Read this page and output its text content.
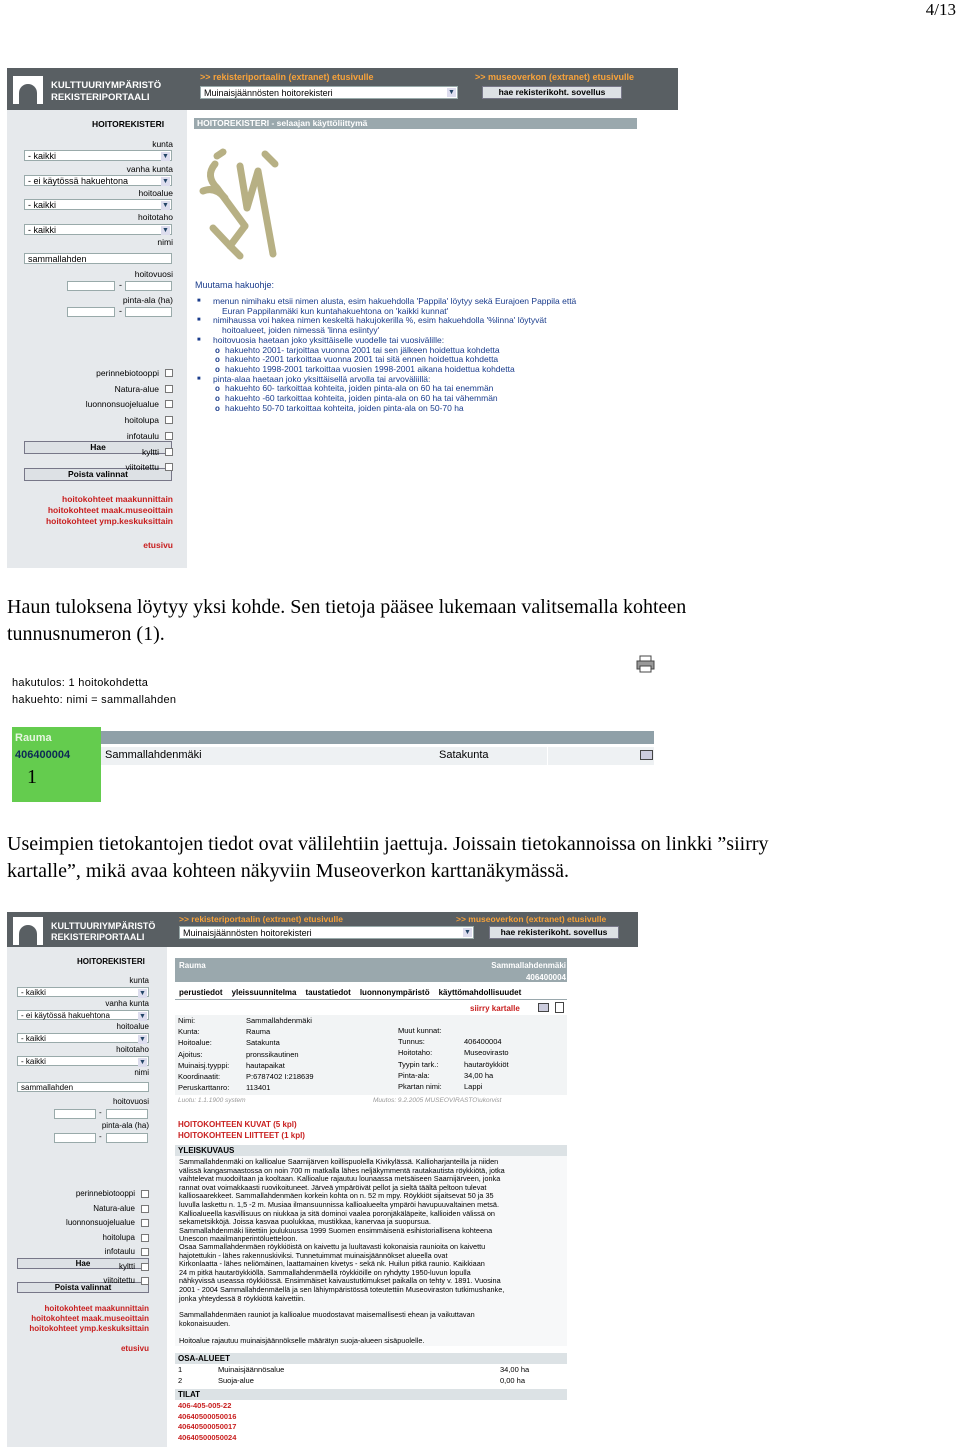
4/13
KULTTUURIYMPÄRISTÖ
REKISTERIPORTAALI
>> rekisteriportaalin (extranet) etusivulle	>> museoverkon (extranet) etusivulle
Muinaisjäännösten hoitorekisteri	▼	hae rekisterikoht. sovellus
HOITOREKISTERI
kunta
- kaikki	▼
vanha kunta
- ei käytössä hakuehtona	▼
hoitoalue
- kaikki	▼
hoitotaho
- kaikki	▼
nimi
sammallahden
hoitovuosi
-
pinta-ala (ha)
-
Hae
Poista valinnat
hoitokohteet maakunnittain
hoitokohteet maak.museoittain
hoitokohteet ymp.keskuksittain
etusivu
perinnebiotooppi
Natura-alue
luonnonsuojelualue
hoitolupa
infotaulu
kyltti
viitoitettu
HOITOREKISTERI - selaajan käyttöliittymä
Muutama hakuohje:
■ menun nimihaku etsii nimen alusta, esim hakuehdolla 'Pappila' löytyy sekä Eurajoen Pappila että
Euran Pappilanmäki kun kuntahakuehtona on 'kaikki kunnat'
■ nimihaussa voi hakea nimen keskeltä hakujokerilla %, esim hakuehdolla '%linna' löytyvät
hoitoalueet, joiden nimessä 'linna esiintyy'
■ hoitovuosia haetaan joko yksittäiselle vuodelle tai vuosivälille:
o hakuehto 2001- tarjoittaa vuonna 2001 tai sen jälkeen hoidettua kohdetta
o hakuehto -2001 tarkoittaa vuonna 2001 tai sitä ennen hoidettua kohdetta
o hakuehto 1998-2001 tarkoittaa vuosien 1998-2001 aikana hoidettua kohdetta
■ pinta-alaa haetaan joko yksittäisellä arvolla tai arvoväliillä:
o hakuehto 60- tarkoittaa kohteita, joiden pinta-ala on 60 ha tai enemmän
o hakuehto -60 tarkoittaa kohteita, joiden pinta-ala on 60 ha tai vähemmän
o hakuehto 50-70 tarkoittaa kohteita, joiden pinta-ala on 50-70 ha

Haun tuloksena löytyy yksi kohde. Sen tietoja pääsee lukemaan valitsemalla kohteen

tunnusnumeron (1).

hakutulos: 1 hoitokohdetta
hakuehto: nimi = sammallahden
Rauma
406400004	Sammallahdenmäki	Satakunta
1

Useimpien tietokantojen tiedot ovat välilehtiin jaettuja. Joissain tietokannoissa on linkki ”siirry

kartalle”, mikä avaa kohteen näkyviin Museoverkon karttanäkymässä.

KULTTUURIYMPÄRISTÖ
REKISTERIPORTAALI
>> rekisteriportaalin (extranet) etusivulle	>> museoverkon (extranet) etusivulle
Muinaisjäännösten hoitorekisteri	▼	hae rekisterikoht. sovellus
HOITOREKISTERI
kunta
- kaikki	▼
vanha kunta
- ei käytössä hakuehtona	▼
hoitoalue
- kaikki	▼
hoitotaho
- kaikki	▼
nimi
sammallahden
hoitovuosi
-
pinta-ala (ha)
-
Hae
Poista valinnat
hoitokohteet maakunnittain
hoitokohteet maak.museoittain
hoitokohteet ymp.keskuksittain
etusivu
perinnebiotooppi
Natura-alue
luonnonsuojelualue
hoitolupa
infotaulu
kyltti
viitoitettu
Rauma	Sammallahdenmäki
406400004
perustiedot yleissuunnitelma taustatiedot luonnonympäristö käyttömahdollisuudet
siirry kartalle
Nimi:	Sammallahdenmäki
Kunta:	Rauma
Hoitoalue:	Satakunta
Ajoitus:	pronssikautinen
Muinaisj.tyyppi: hautapaikat
Koordinaatit:	P:6787402 I:218639
Peruskarttanro: 113401
Muut kunnat:
Tunnus:	406400004
Hoitotaho:	Museovirasto
Tyypin tark.:	hautaröykkiöt
Pinta-ala:	34,00 ha
Pkartan nimi:	Lappi
Luotu: 1.1.1900 system	Muutos: 9.2.2005 MUSEOVIRASTO\ukorvist
HOITOKOHTEEN KUVAT (5 kpl)
HOITOKOHTEEN LIITTEET (1 kpl)
YLEISKUVAUS
Sammallahdenmäki on kallioalue Saarnijärven koillispuolella Kivikylässä. Kallioharjanteilla ja niiden
välissä kangasmaastossa on noin 700 m matkalla lähes neljäkymmentä rautakautista röykkiötä, jotka
vaihtelevat muodoiltaan ja kooltaan. Kallioalue rajautuu lounaassa metsäiseen Saarnijärveen, jonka
rannat ovat voimakkaasti ruovikoituneet. Järveä ympäröivät pellot ja sieltä täältä peltoon tulevat
kalliosaarekkeet. Sammallahdenmäen korkein kohta on n. 52 m mpy. Röykkiöt sijaitsevat 50 ja 35
luvulla laskettu n. 1,5 -2 m. Musiaa ilmansuunnissa kallioalueelta ympäröi havupuuvaltainen metsä.
Kallioalueella kasvillisuus on niukkaa ja sitä dominoi vaalea poronjäkäläpeite, kallioiden välissä on
sekametsikköjä. Joissa kasvaa puolukkaa, mustikkaa, kanervaa ja suopursua.
Sammallahdenmäki liitettiin joulukuussa 1999 Suomen ensimmäisenä esihistoriallisena kohteena
Unescon maailmanperintöluetteloon.
Osaa Sammallahdenmäen röykkiöistä on kaivettu ja luultavasti kokonaisia raunioita on kaivettu
hajotettukin - lähes rakennuskiviksi. Tunnetuimmat muinaisjäännökset alueella ovat
Kirkonlaatta - lähes neliömäinen, laattamainen kivetys - sekä nk. Huilun pitkä raunio. Kaikkiaan
24 m pitkä hautaröykkiöllä. Sammallahdenmäellä röykkiöille on ryhdytty 1950-luvun lopulla
nähkyvissä useassa röykkiössä. Ensimmäiset kaivaustutkimukset paikalla on tehty v. 1891. Vuosina
2001 - 2004 Sammallahdenmäellä ja sen lähiympäristössä toteutettiin Museoviraston tutkimushanke,
jonka yhteydessä 8 röykkiötä kaivettiin.
Sammallahdenmäen rauniot ja kallioalue muodostavat maisemallisesti ehean ja vaikuttavan
kokonaisuuden.
Hoitoalue rajautuu muinaisjäännökselle määrätyn suoja-alueen sisäpuolelle.
OSA-ALUEET
1	Muinaisjäännösalue	34,00 ha
2	Suoja-alue	0,00 ha
TILAT
406-405-005-22
40640500050016
40640500050017
40640500050024
